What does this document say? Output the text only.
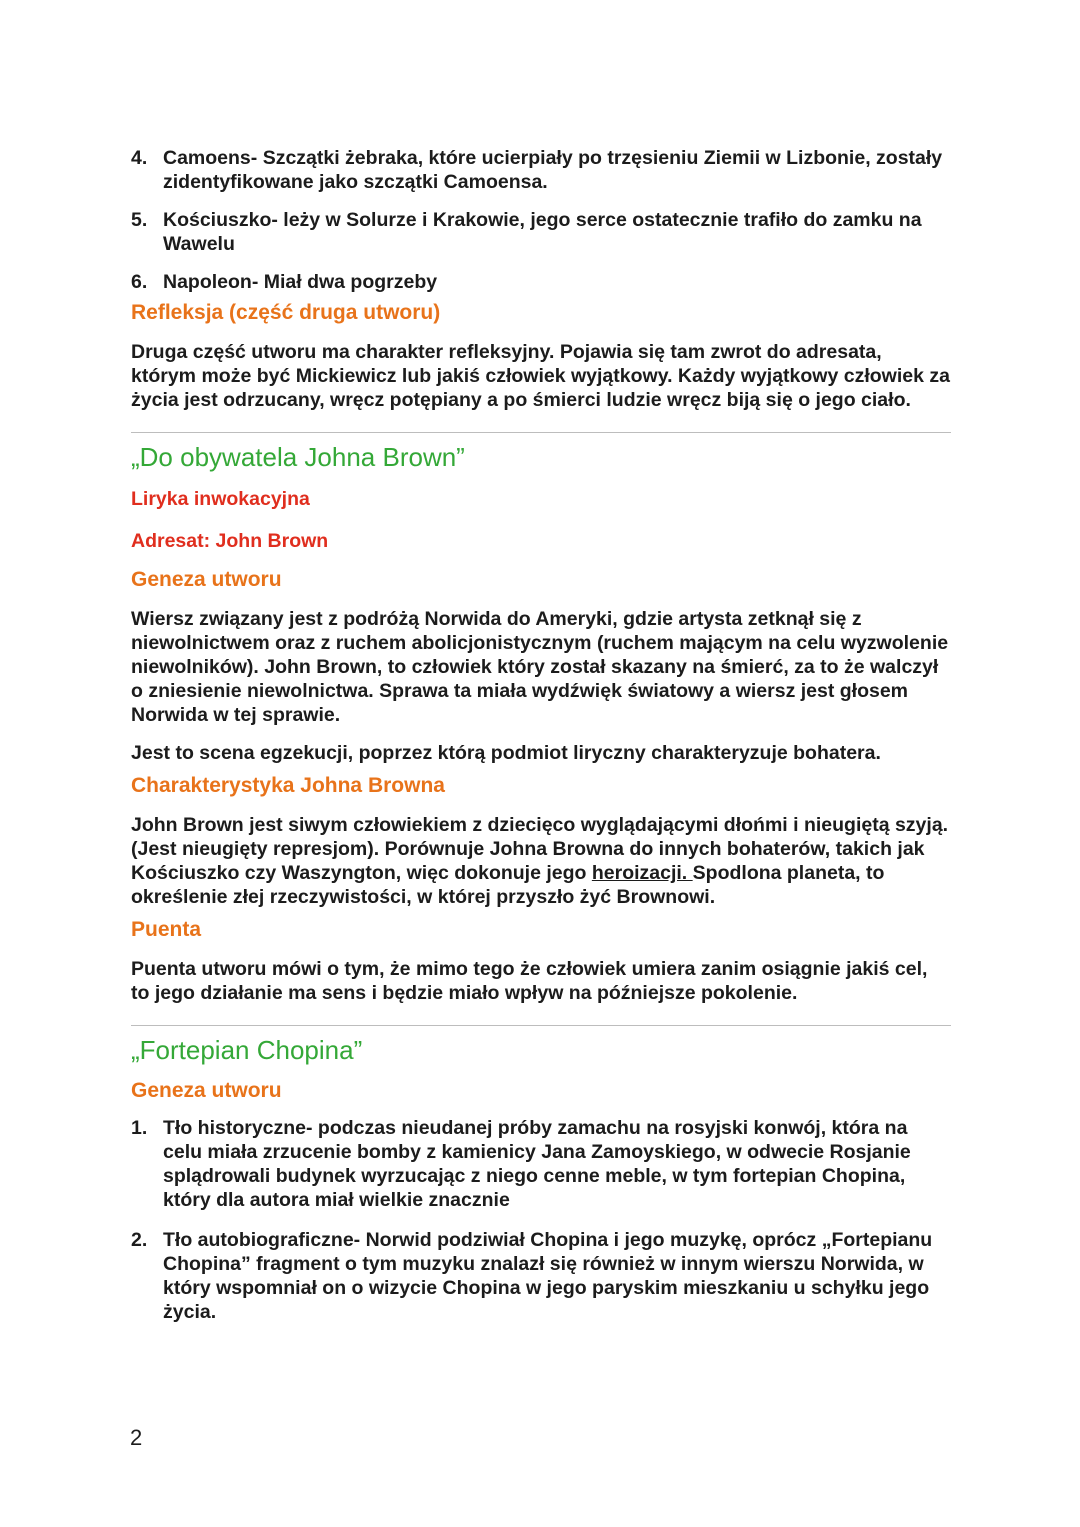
4. Camoens- Szczątki żebraka, które ucierpiały po trzęsieniu Ziemii w Lizbonie, zostały zidentyfikowane jako szczątki Camoensa.
5. Kościuszko- leży w Solurze i Krakowie, jego serce ostatecznie trafiło do zamku na Wawelu
6. Napoleon- Miał dwa pogrzeby
Refleksja (część druga utworu)

Druga część utworu ma charakter refleksyjny. Pojawia się tam zwrot do adresata, którym może być Mickiewicz lub jakiś człowiek wyjątkowy. Każdy wyjątkowy człowiek za życia jest odrzucany, wręcz potępiany a po śmierci ludzie wręcz biją się o jego ciało.

„Do obywatela Johna Brown”

Liryka inwokacyjna

Adresat: John Brown

Geneza utworu

Wiersz związany jest z podróżą Norwida do Ameryki, gdzie artysta zetknął się z niewolnictwem oraz z ruchem abolicjonistycznym (ruchem mającym na celu wyzwolenie niewolników). John Brown, to człowiek który został skazany na śmierć, za to że walczył o zniesienie niewolnictwa. Sprawa ta miała wydźwięk światowy a wiersz jest głosem Norwida w tej sprawie.

Jest to scena egzekucji, poprzez którą podmiot liryczny charakteryzuje bohatera.

Charakterystyka Johna Browna

John Brown jest siwym człowiekiem z dziecięco wyglądającymi dłońmi i nieugiętą szyją. (Jest nieugięty represjom). Porównuje Johna Browna do innych bohaterów, takich jak Kościuszko czy Waszyngton, więc dokonuje jego heroizacji. Spodlona planeta, to określenie złej rzeczywistości, w której przyszło żyć Brownowi.

Puenta

Puenta utworu mówi o tym, że mimo tego że człowiek umiera zanim osiągnie jakiś cel, to jego działanie ma sens i będzie miało wpływ na późniejsze pokolenie.

„Fortepian Chopina”
Geneza utworu
1. Tło historyczne- podczas nieudanej próby zamachu na rosyjski konwój, która na celu miała zrzucenie bomby z kamienicy Jana Zamoyskiego, w odwecie Rosjanie splądrowali budynek wyrzucając z niego cenne meble, w tym fortepian Chopina, który dla autora miał wielkie znacznie
2. Tło autobiograficzne- Norwid podziwiał Chopina i jego muzykę, oprócz „Fortepianu Chopina” fragment o tym muzyku znalazł się również w innym wierszu Norwida, w który wspomniał on o wizycie Chopina w jego paryskim mieszkaniu u schyłku jego życia.
2
